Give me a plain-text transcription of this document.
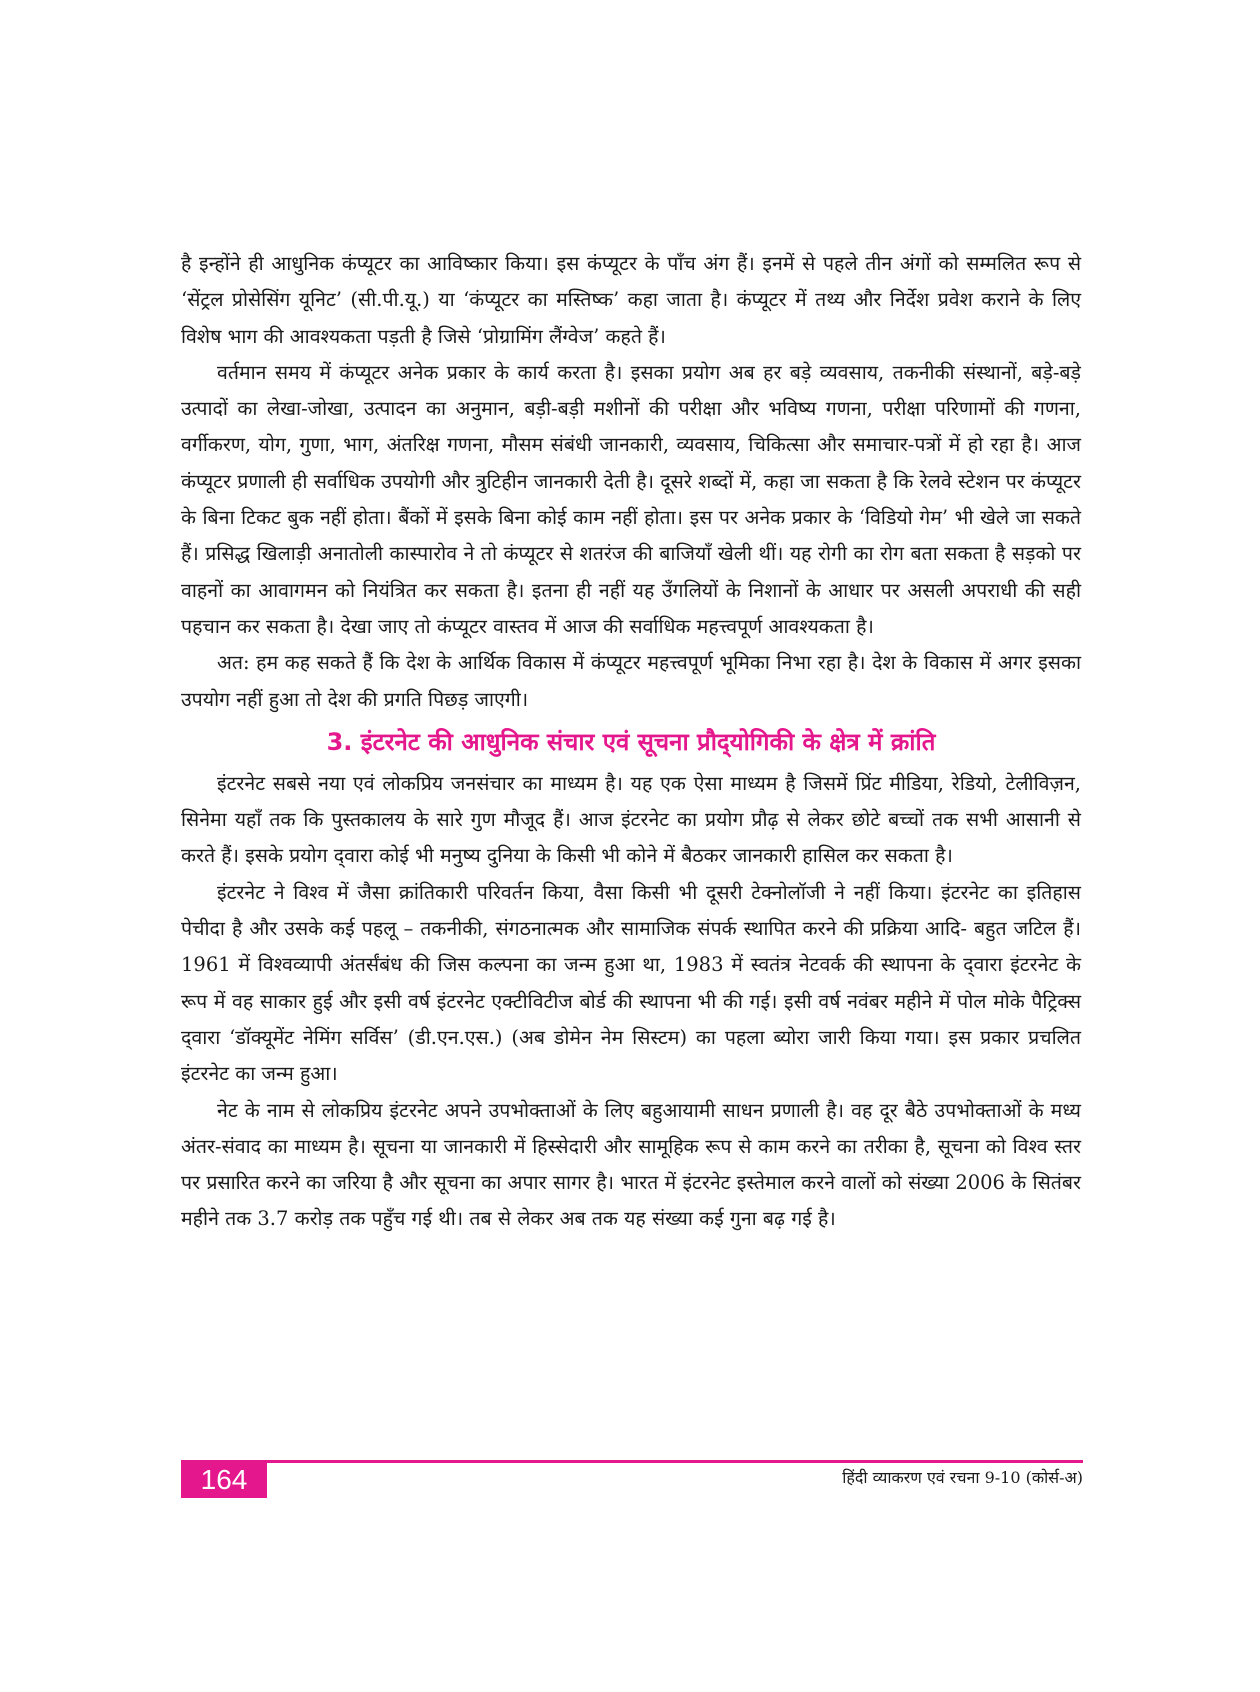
है इन्होंने ही आधुनिक कंप्यूटर का आविष्कार किया। इस कंप्यूटर के पाँच अंग हैं। इनमें से पहले तीन अंगों को सम्मलित रूप से ‘सेंट्रल प्रोसेसिंग यूनिट’ (सी.पी.यू.) या ‘कंप्यूटर का मस्तिष्क’ कहा जाता है। कंप्यूटर में तथ्य और निर्देश प्रवेश कराने के लिए विशेष भाग की आवश्यकता पड़ती है जिसे ‘प्रोग्रामिंग लैंग्वेज’ कहते हैं।

वर्तमान समय में कंप्यूटर अनेक प्रकार के कार्य करता है। इसका प्रयोग अब हर बड़े व्यवसाय, तकनीकी संस्थानों, बड़े-बड़े उत्पादों का लेखा-जोखा, उत्पादन का अनुमान, बड़ी-बड़ी मशीनों की परीक्षा और भविष्य गणना, परीक्षा परिणामों की गणना, वर्गीकरण, योग, गुणा, भाग, अंतरिक्ष गणना, मौसम संबंधी जानकारी, व्यवसाय, चिकित्सा और समाचार-पत्रों में हो रहा है। आज कंप्यूटर प्रणाली ही सर्वाधिक उपयोगी और त्रुटिहीन जानकारी देती है। दूसरे शब्दों में, कहा जा सकता है कि रेलवे स्टेशन पर कंप्यूटर के बिना टिकट बुक नहीं होता। बैंकों में इसके बिना कोई काम नहीं होता। इस पर अनेक प्रकार के ‘विडियो गेम’ भी खेले जा सकते हैं। प्रसिद्ध खिलाड़ी अनातोली कास्पारोव ने तो कंप्यूटर से शतरंज की बाजियाँ खेली थीं। यह रोगी का रोग बता सकता है सड़को पर वाहनों का आवागमन को नियंत्रित कर सकता है। इतना ही नहीं यह उँगलियों के निशानों के आधार पर असली अपराधी की सही पहचान कर सकता है। देखा जाए तो कंप्यूटर वास्तव में आज की सर्वाधिक महत्त्वपूर्ण आवश्यकता है।

अत: हम कह सकते हैं कि देश के आर्थिक विकास में कंप्यूटर महत्त्वपूर्ण भूमिका निभा रहा है। देश के विकास में अगर इसका उपयोग नहीं हुआ तो देश की प्रगति पिछड़ जाएगी।

3. इंटरनेट की आधुनिक संचार एवं सूचना प्रौद्‍योगिकी के क्षेत्र में क्रांति

इंटरनेट सबसे नया एवं लोकप्रिय जनसंचार का माध्यम है। यह एक ऐसा माध्यम है जिसमें प्रिंट मीडिया, रेडियो, टेलीविज़न, सिनेमा यहाँ तक कि पुस्तकालय के सारे गुण मौजूद हैं। आज इंटरनेट का प्रयोग प्रौढ़ से लेकर छोटे बच्चों तक सभी आसानी से करते हैं। इसके प्रयोग द्‍वारा कोई भी मनुष्य दुनिया के किसी भी कोने में बैठकर जानकारी हासिल कर सकता है।

इंटरनेट ने विश्व में जैसा क्रांतिकारी परिवर्तन किया, वैसा किसी भी दूसरी टेक्नोलॉजी ने नहीं किया। इंटरनेट का इतिहास पेचीदा है और उसके कई पहलू – तकनीकी, संगठनात्मक और सामाजिक संपर्क स्थापित करने की प्रक्रिया आदि- बहुत जटिल हैं। 1961 में विश्वव्यापी अंतर्संबंध की जिस कल्पना का जन्म हुआ था, 1983 में स्वतंत्र नेटवर्क की स्थापना के द्‍वारा इंटरनेट के रूप में वह साकार हुई और इसी वर्ष इंटरनेट एक्टीविटीज बोर्ड की स्थापना भी की गई। इसी वर्ष नवंबर महीने में पोल मोके पैट्रिक्स द्‍वारा ‘डॉक्यूमेंट नेमिंग सर्विस’ (डी.एन.एस.) (अब डोमेन नेम सिस्टम) का पहला ब्योरा जारी किया गया। इस प्रकार प्रचलित इंटरनेट का जन्म हुआ।

नेट के नाम से लोकप्रिय इंटरनेट अपने उपभोक्ताओं के लिए बहुआयामी साधन प्रणाली है। वह दूर बैठे उपभोक्ताओं के मध्य अंतर-संवाद का माध्यम है। सूचना या जानकारी में हिस्सेदारी और सामूहिक रूप से काम करने का तरीका है, सूचना को विश्व स्तर पर प्रसारित करने का जरिया है और सूचना का अपार सागर है। भारत में इंटरनेट इस्तेमाल करने वालों को संख्या 2006 के सितंबर महीने तक 3.7 करोड़ तक पहुँच गई थी। तब से लेकर अब तक यह संख्या कई गुना बढ़ गई है।

164	हिंदी व्याकरण एवं रचना 9-10 (कोर्स-अ)
